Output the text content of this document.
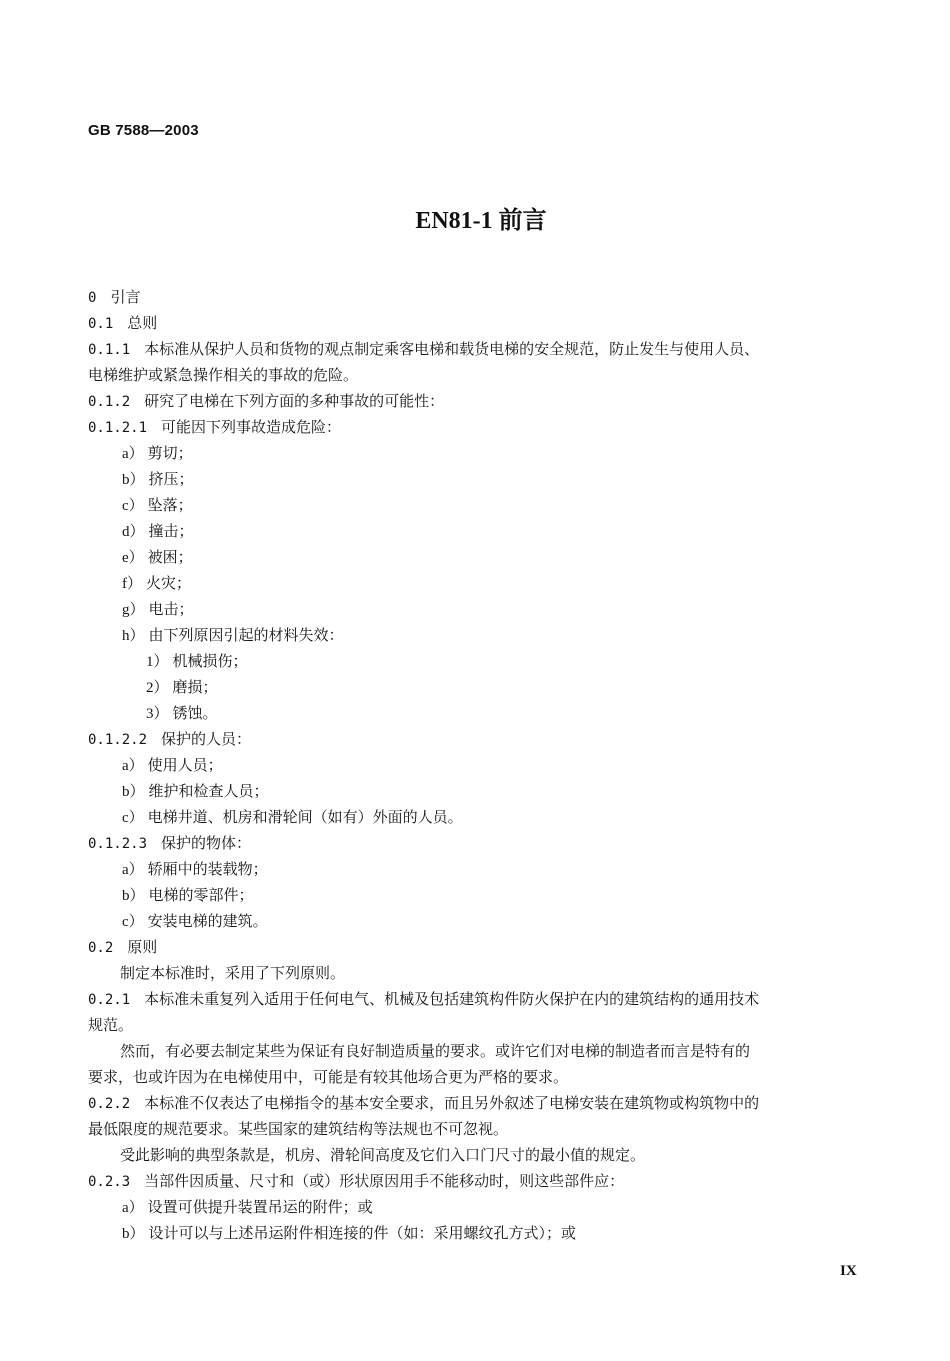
GB 7588—2003
EN81-1 前言
0 引言
0.1 总则
0.1.1 本标准从保护人员和货物的观点制定乘客电梯和载货电梯的安全规范，防止发生与使用人员、
电梯维护或紧急操作相关的事故的危险。
0.1.2 研究了电梯在下列方面的多种事故的可能性：
0.1.2.1 可能因下列事故造成危险：
a） 剪切；
b） 挤压；
c） 坠落；
d） 撞击；
e） 被困；
f） 火灾；
g） 电击；
h） 由下列原因引起的材料失效：
1） 机械损伤；
2） 磨损；
3） 锈蚀。
0.1.2.2 保护的人员：
a） 使用人员；
b） 维护和检查人员；
c） 电梯井道、机房和滑轮间（如有）外面的人员。
0.1.2.3 保护的物体：
a） 轿厢中的装载物；
b） 电梯的零部件；
c） 安装电梯的建筑。
0.2 原则
制定本标准时，采用了下列原则。
0.2.1 本标准未重复列入适用于任何电气、机械及包括建筑构件防火保护在内的建筑结构的通用技术
规范。
然而，有必要去制定某些为保证有良好制造质量的要求。或许它们对电梯的制造者而言是特有的
要求，也或许因为在电梯使用中，可能是有较其他场合更为严格的要求。
0.2.2 本标准不仅表达了电梯指令的基本安全要求，而且另外叙述了电梯安装在建筑物或构筑物中的
最低限度的规范要求。某些国家的建筑结构等法规也不可忽视。
受此影响的典型条款是，机房、滑轮间高度及它们入口门尺寸的最小值的规定。
0.2.3 当部件因质量、尺寸和（或）形状原因用手不能移动时，则这些部件应：
a） 设置可供提升装置吊运的附件；或
b） 设计可以与上述吊运附件相连接的件（如：采用螺纹孔方式）；或
IX
